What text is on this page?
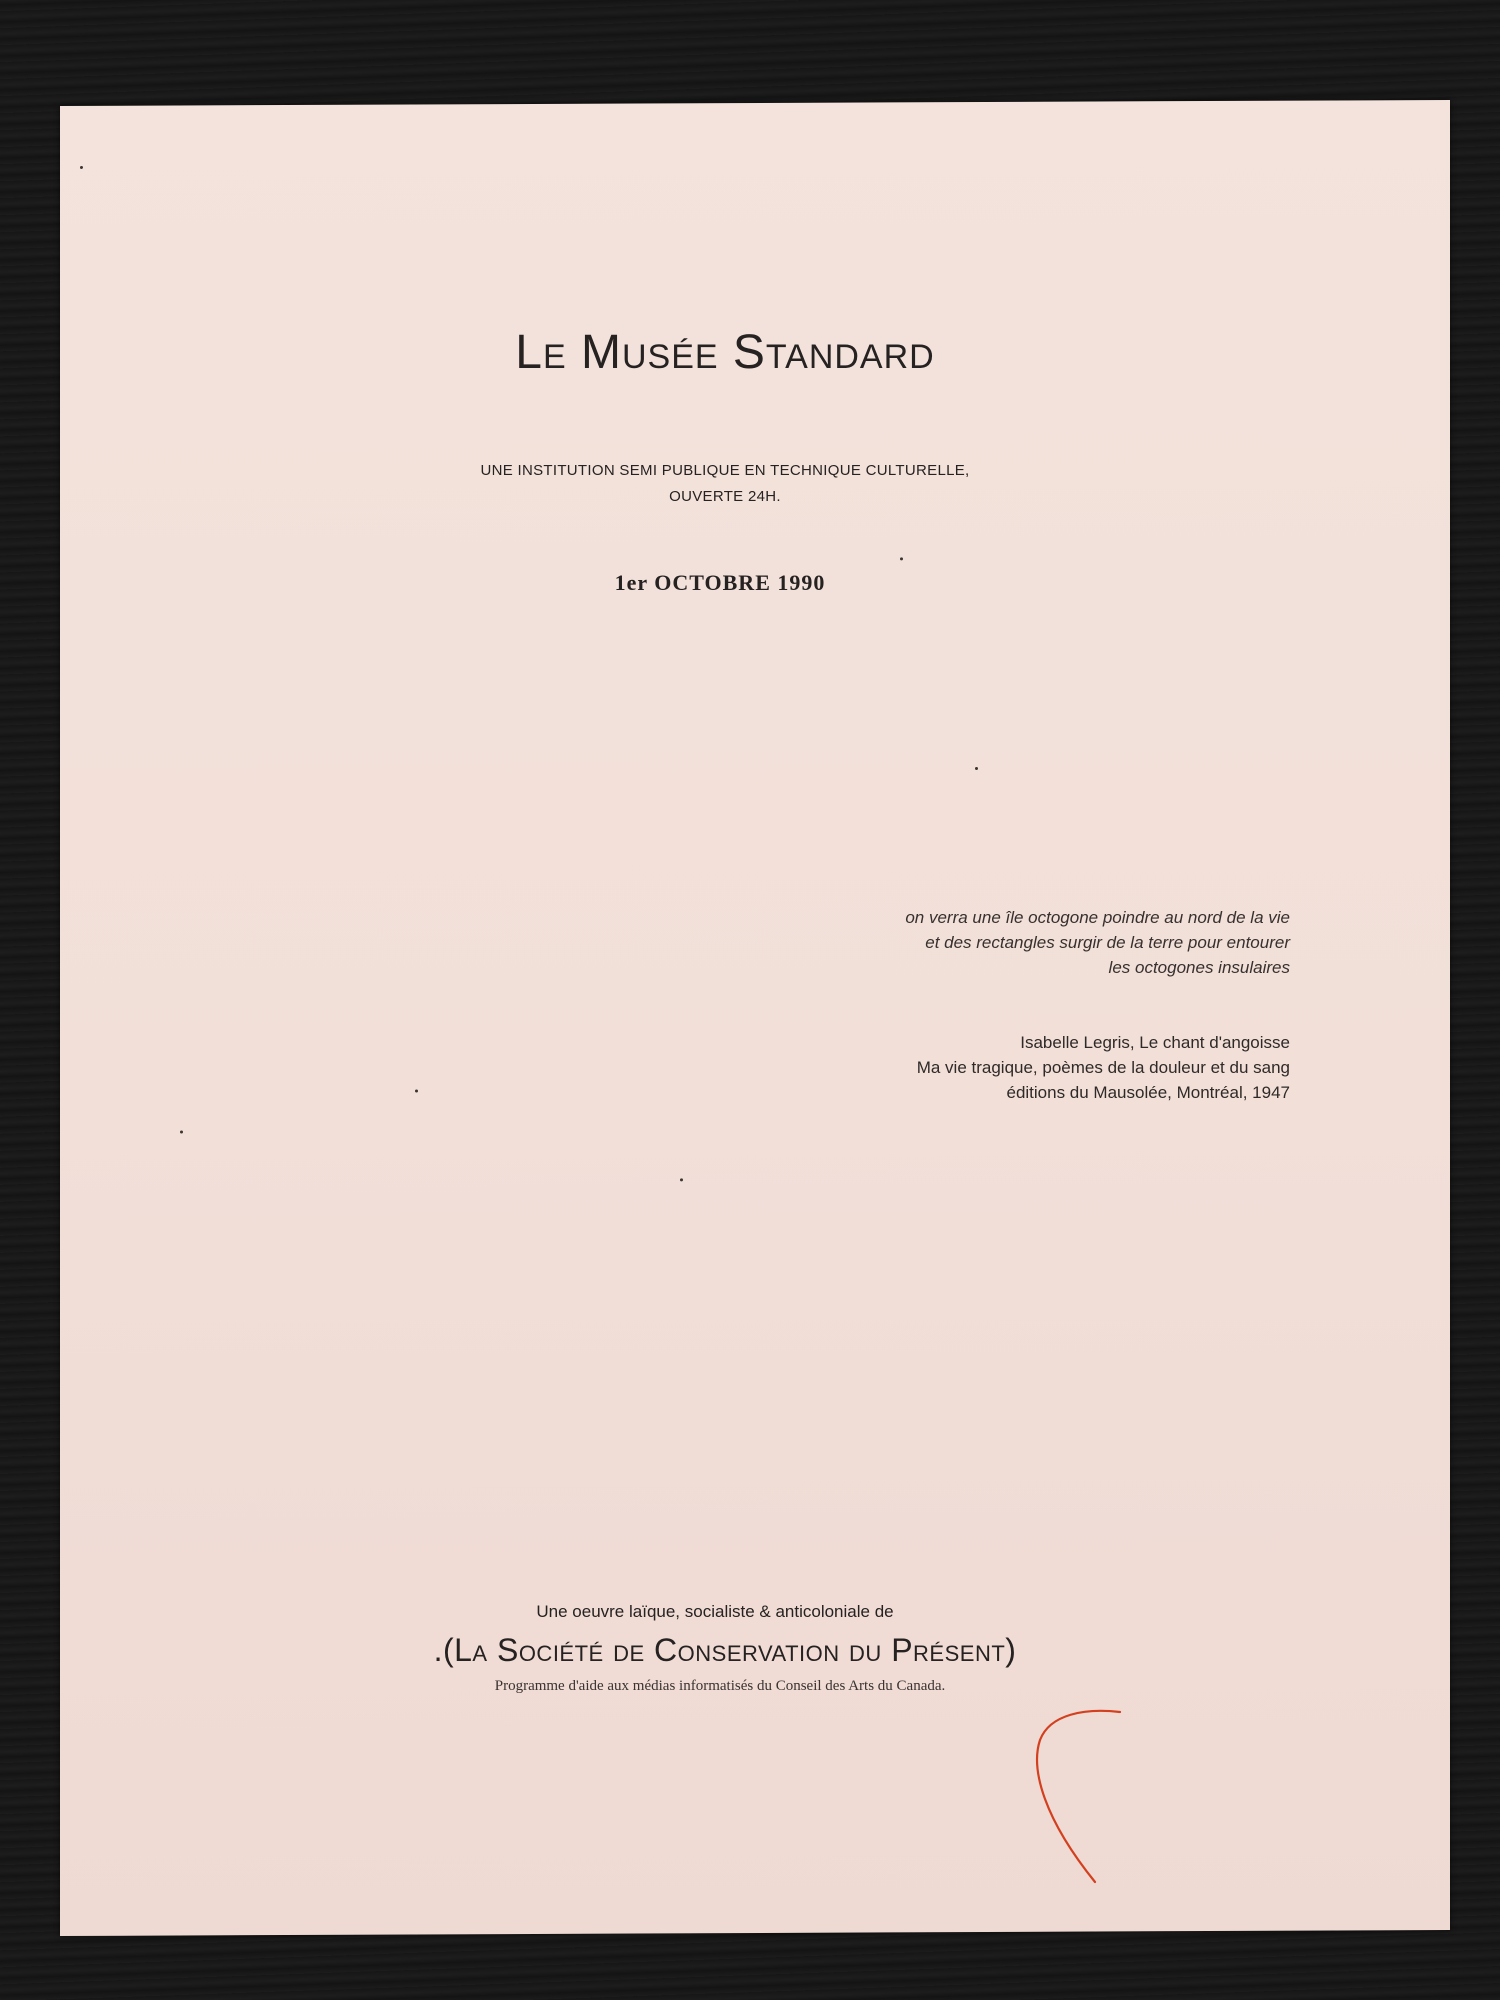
Le Musée Standard
UNE INSTITUTION SEMI PUBLIQUE EN TECHNIQUE CULTURELLE,
OUVERTE 24H.
1er OCTOBRE 1990
on verra une île octogone poindre au nord de la vie
et des rectangles surgir de la terre pour entourer
les octogones insulaires
Isabelle Legris, Le chant d'angoisse
Ma vie tragique, poèmes de la douleur et du sang
éditions du Mausolée, Montréal, 1947
Une oeuvre laïque, socialiste & anticoloniale de
.(La Société de Conservation du Présent)
Programme d'aide aux médias informatisés du Conseil des Arts du Canada.
